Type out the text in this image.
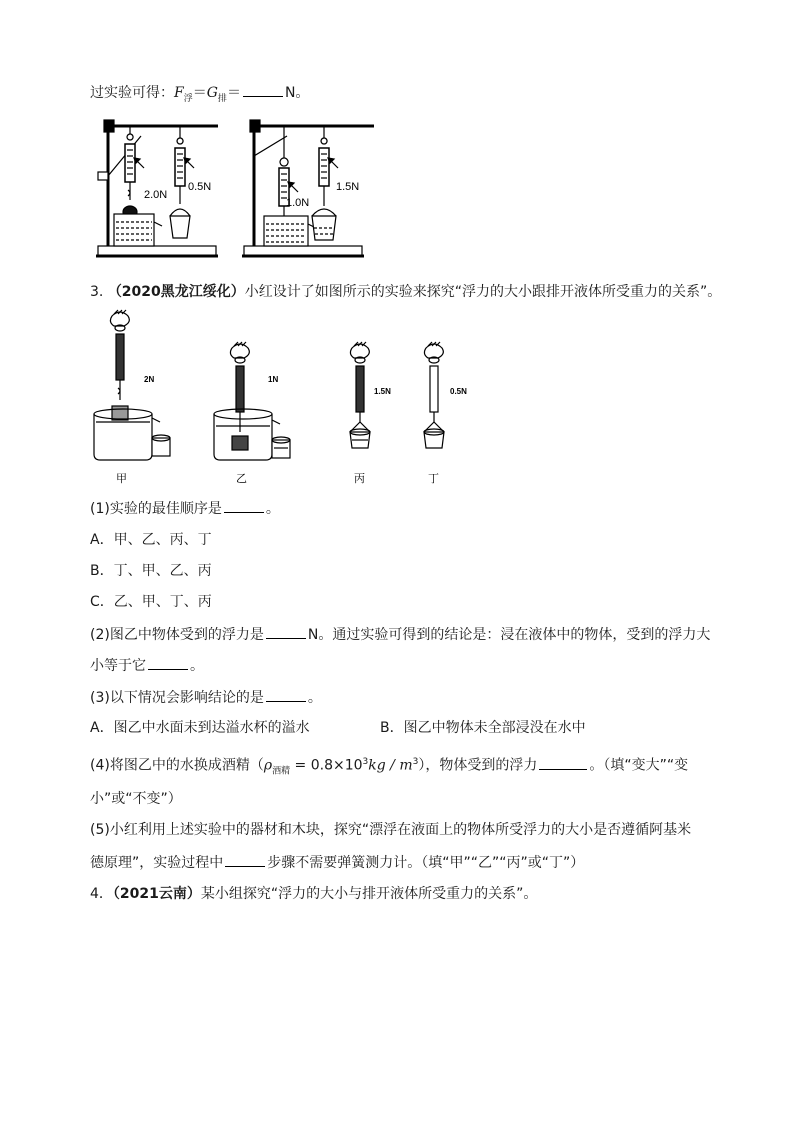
过实验可得：$F_浮=G_排=$	N。
2.0N
0.5N
1.0N
1.5N
3. （2020黑龙江绥化）小红设计了如图所示的实验来探究“浮力的大小跟排开液体所受重力的关系”。
2N	1N
1.5N	0.5N
甲	乙	丙	丁
(1)实验的最佳顺序是	。
A．甲、乙、丙、丁
B．丁、甲、乙、丙
C．乙、甲、丁、丙
(2)图乙中物体受到的浮力是	N。通过实验可得到的结论是：浸在液体中的物体，受到的浮力大
小等于它	。
(3)以下情况会影响结论的是	。
A．图乙中水面未到达溢水杯的溢水	B．图乙中物体未全部浸没在水中
(4)将图乙中的水换成酒精$(\rho_{酒精} = 0.8\times 10^3kg / m^3)$，物体受到的浮力	。（填“变大”“变
小”或“不变”）
(5)小红利用上述实验中的器材和木块，探究“漂浮在液面上的物体所受浮力的大小是否遵循阿基米
德原理”，实验过程中	步骤不需要弹簧测力计。（填“甲”“乙”“丙”或“丁”）
4．（2021云南）某小组探究“浮力的大小与排开液体所受重力的关系”。
